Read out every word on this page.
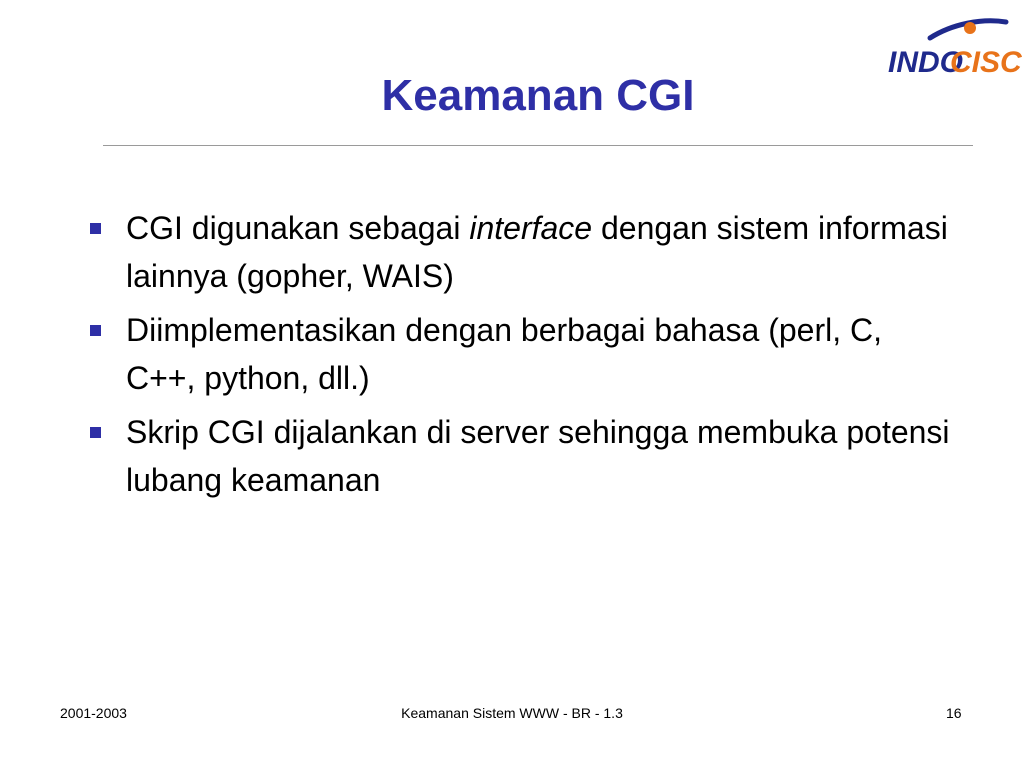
Keamanan CGI
INDO
CISC
CGI digunakan sebagai interface dengan sistem informasi lainnya (gopher, WAIS)
Diimplementasikan dengan berbagai bahasa (perl, C, C++, python, dll.)
Skrip CGI dijalankan di server sehingga membuka potensi lubang keamanan
2001-2003	Keamanan Sistem WWW - BR - 1.3	16
